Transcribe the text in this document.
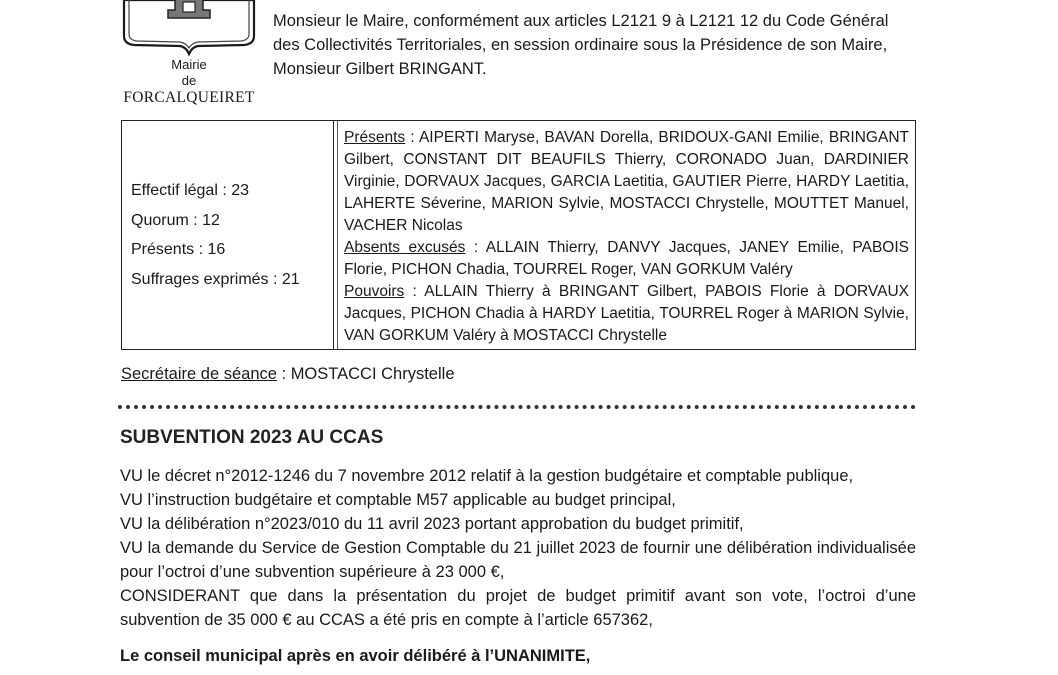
Mairie
de
FORCALQUEIRET

Monsieur le Maire, conformément aux articles L2121 9 à L2121 12 du Code Général

des Collectivités Territoriales, en session ordinaire sous la Présidence de son Maire,

Monsieur Gilbert BRINGANT.

Effectif légal : 23
Quorum : 12
Présents : 16
Suffrages exprimés : 21

Présents : AIPERTI Maryse, BAVAN Dorella, BRIDOUX-GANI Emilie, BRINGANT Gilbert, CONSTANT DIT BEAUFILS Thierry, CORONADO Juan, DARDINIER Virginie, DORVAUX Jacques, GARCIA Laetitia, GAUTIER Pierre, HARDY Laetitia, LAHERTE Séverine, MARION Sylvie, MOSTACCI Chrystelle, MOUTTET Manuel, VACHER Nicolas

Absents excusés : ALLAIN Thierry, DANVY Jacques, JANEY Emilie, PABOIS Florie, PICHON Chadia, TOURREL Roger, VAN GORKUM Valéry

Pouvoirs : ALLAIN Thierry à BRINGANT Gilbert, PABOIS Florie à DORVAUX Jacques, PICHON Chadia à HARDY Laetitia, TOURREL Roger à MARION Sylvie, VAN GORKUM Valéry à MOSTACCI Chrystelle

Secrétaire de séance : MOSTACCI Chrystelle
SUBVENTION 2023 AU CCAS

VU le décret n°2012-1246 du 7 novembre 2012 relatif à la gestion budgétaire et comptable publique,

VU l’instruction budgétaire et comptable M57 applicable au budget principal,

VU la délibération n°2023/010 du 11 avril 2023 portant approbation du budget primitif,

VU la demande du Service de Gestion Comptable du 21 juillet 2023 de fournir une délibération individualisée pour l’octroi d’une subvention supérieure à 23 000 €,

CONSIDERANT que dans la présentation du projet de budget primitif avant son vote, l’octroi d’une subvention de 35 000 € au CCAS a été pris en compte à l’article 657362,

Le conseil municipal après en avoir délibéré à l’UNANIMITE,
